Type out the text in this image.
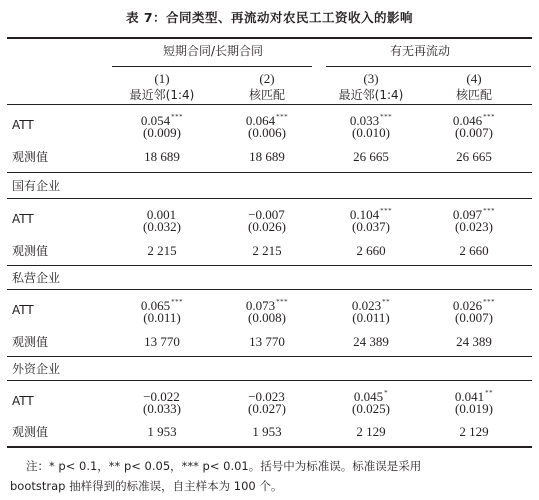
表 7：合同类型、再流动对农民工工资收入的影响
短期合同/长期合同	有无再流动
(1)	(2)	(3)	(4)
最近邻(1:4)	核匹配	最近邻(1:4)	核匹配
ATT	0.054***	0.064***	0.033***	0.046***
(0.009)	(0.006)	(0.010)	(0.007)
观测值	18 689	18 689	26 665	26 665
国有企业
ATT	0.001	−0.007	0.104***	0.097***
(0.032)	(0.026)	(0.037)	(0.023)
观测值	2 215	2 215	2 660	2 660
私营企业
ATT	0.065***	0.073***	0.023**	0.026***
(0.011)	(0.008)	(0.011)	(0.007)
观测值	13 770	13 770	24 389	24 389
外资企业
ATT	−0.022	−0.023	0.045*	0.041**
(0.033)	(0.027)	(0.025)	(0.019)
观测值	1 953	1 953	2 129	2 129
注：* p< 0.1，** p< 0.05，*** p< 0.01。括号中为标准误。标准误是采用
bootstrap 抽样得到的标准误，自主样本为 100 个。
